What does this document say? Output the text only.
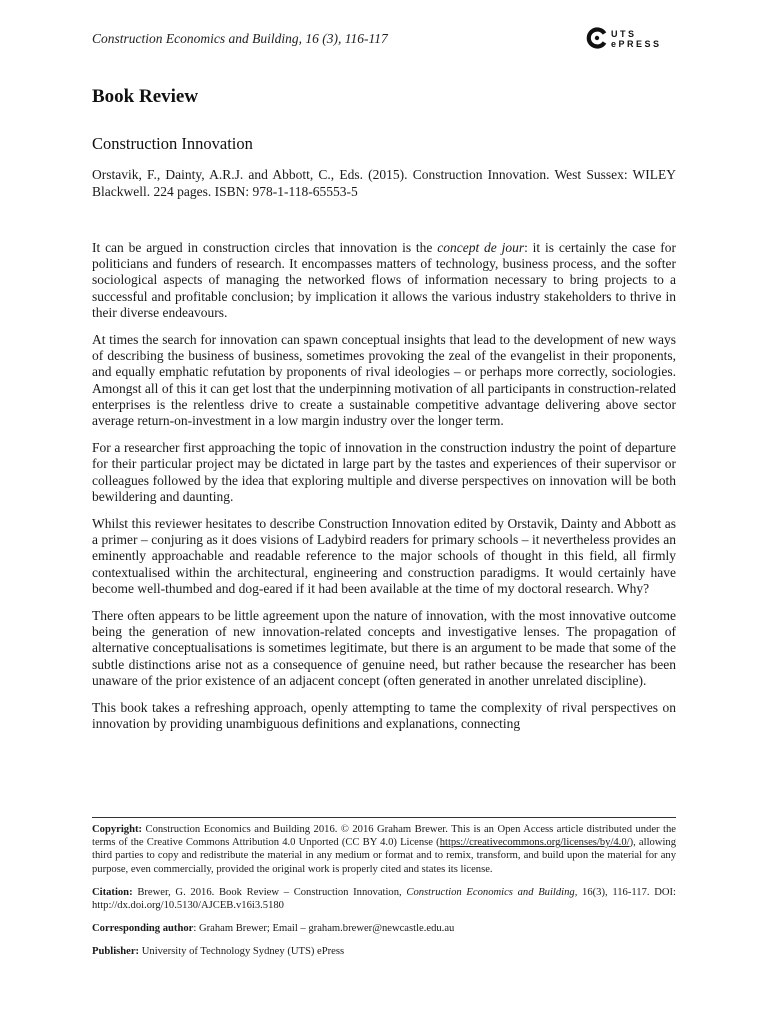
Construction Economics and Building, 16 (3), 116-117	UTS
ePRESS
Book Review
Construction Innovation

Orstavik, F., Dainty, A.R.J. and Abbott, C., Eds. (2015). Construction Innovation. West Sussex: WILEY Blackwell. 224 pages. ISBN: 978-1-118-65553-5

It can be argued in construction circles that innovation is the concept de jour: it is certainly the case for politicians and funders of research. It encompasses matters of technology, business process, and the softer sociological aspects of managing the networked flows of information necessary to bring projects to a successful and profitable conclusion; by implication it allows the various industry stakeholders to thrive in their diverse endeavours.

At times the search for innovation can spawn conceptual insights that lead to the development of new ways of describing the business of business, sometimes provoking the zeal of the evangelist in their proponents, and equally emphatic refutation by proponents of rival ideologies – or perhaps more correctly, sociologies. Amongst all of this it can get lost that the underpinning motivation of all participants in construction-related enterprises is the relentless drive to create a sustainable competitive advantage delivering above sector average return-on-investment in a low margin industry over the longer term.

For a researcher first approaching the topic of innovation in the construction industry the point of departure for their particular project may be dictated in large part by the tastes and experiences of their supervisor or colleagues followed by the idea that exploring multiple and diverse perspectives on innovation will be both bewildering and daunting.

Whilst this reviewer hesitates to describe Construction Innovation edited by Orstavik, Dainty and Abbott as a primer – conjuring as it does visions of Ladybird readers for primary schools – it nevertheless provides an eminently approachable and readable reference to the major schools of thought in this field, all firmly contextualised within the architectural, engineering and construction paradigms. It would certainly have become well-thumbed and dog-eared if it had been available at the time of my doctoral research. Why?

There often appears to be little agreement upon the nature of innovation, with the most innovative outcome being the generation of new innovation-related concepts and investigative lenses. The propagation of alternative conceptualisations is sometimes legitimate, but there is an argument to be made that some of the subtle distinctions arise not as a consequence of genuine need, but rather because the researcher has been unaware of the prior existence of an adjacent concept (often generated in another unrelated discipline).

This book takes a refreshing approach, openly attempting to tame the complexity of rival perspectives on innovation by providing unambiguous definitions and explanations, connecting

Copyright: Construction Economics and Building 2016. © 2016 Graham Brewer. This is an Open Access article distributed under the terms of the Creative Commons Attribution 4.0 Unported (CC BY 4.0) License (https://creativecommons.org/licenses/by/4.0/), allowing third parties to copy and redistribute the material in any medium or format and to remix, transform, and build upon the material for any purpose, even commercially, provided the original work is properly cited and states its license.

Citation: Brewer, G. 2016. Book Review – Construction Innovation, Construction Economics and Building, 16(3), 116-117. DOI: http://dx.doi.org/10.5130/AJCEB.v16i3.5180

Corresponding author: Graham Brewer; Email – graham.brewer@newcastle.edu.au

Publisher: University of Technology Sydney (UTS) ePress
